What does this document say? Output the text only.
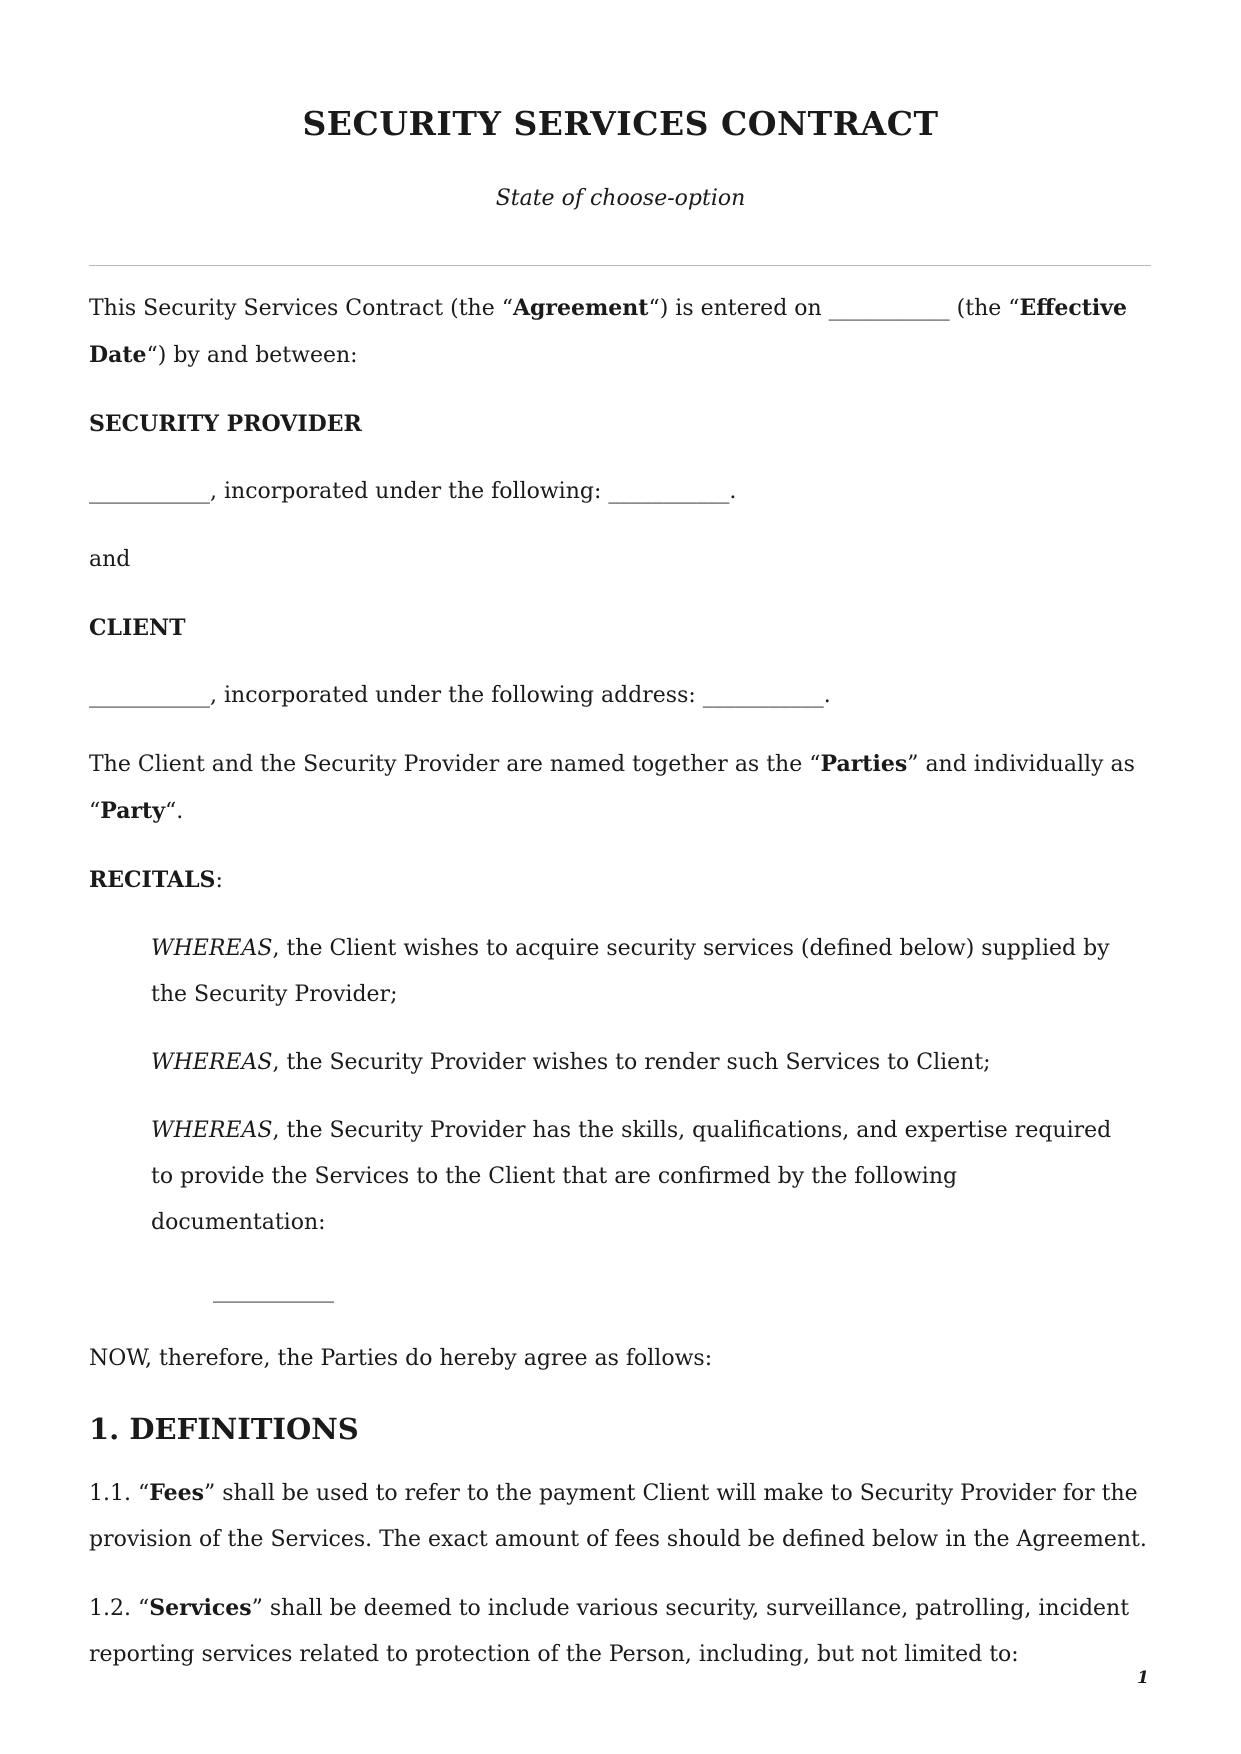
SECURITY SERVICES CONTRACT
State of choose-option

This Security Services Contract (the “Agreement“) is entered on ___________ (the “Effective Date“) by and between:

SECURITY PROVIDER

___________, incorporated under the following: ___________.

and

CLIENT

___________, incorporated under the following address: ___________.

The Client and the Security Provider are named together as the “Parties” and individually as “Party“.

RECITALS:

WHEREAS, the Client wishes to acquire security services (defined below) supplied by the Security Provider;

WHEREAS, the Security Provider wishes to render such Services to Client;

WHEREAS, the Security Provider has the skills, qualifications, and expertise required to provide the Services to the Client that are confirmed by the following documentation:

___________

NOW, therefore, the Parties do hereby agree as follows:

1. DEFINITIONS

1.1. “Fees” shall be used to refer to the payment Client will make to Security Provider for the provision of the Services. The exact amount of fees should be defined below in the Agreement.

1.2. “Services” shall be deemed to include various security, surveillance, patrolling, incident reporting services related to protection of the Person, including, but not limited to:

1
